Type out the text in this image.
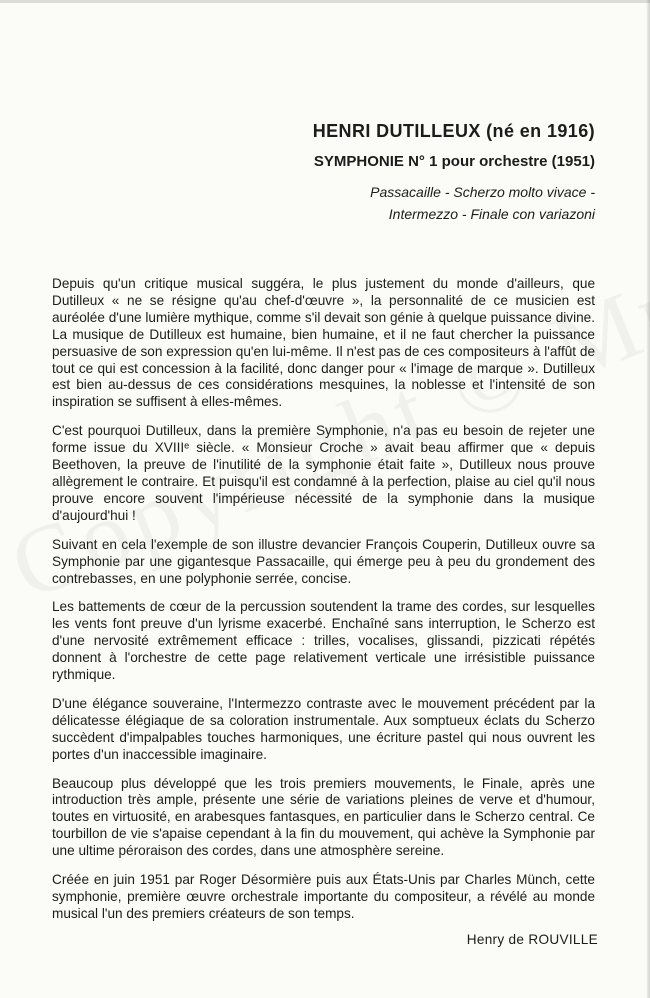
HENRI DUTILLEUX (né en 1916)

SYMPHONIE N° 1 pour orchestre (1951)

Passacaille - Scherzo molto vivace -

Intermezzo - Finale con variazoni

Depuis qu'un critique musical suggéra, le plus justement du monde d'ailleurs, que Dutilleux « ne se résigne qu'au chef-d'œuvre », la personnalité de ce musicien est auréolée d'une lumière mythique, comme s'il devait son génie à quelque puissance divine. La musique de Dutilleux est humaine, bien humaine, et il ne faut chercher la puissance persuasive de son expression qu'en lui-même. Il n'est pas de ces compositeurs à l'affût de tout ce qui est concession à la facilité, donc danger pour « l'image de marque ». Dutilleux est bien au-dessus de ces considérations mesquines, la noblesse et l'intensité de son inspiration se suffisent à elles-mêmes.

C'est pourquoi Dutilleux, dans la première Symphonie, n'a pas eu besoin de rejeter une forme issue du XVIIIᵉ siècle. « Monsieur Croche » avait beau affirmer que « depuis Beethoven, la preuve de l'inutilité de la symphonie était faite », Dutilleux nous prouve allègrement le contraire. Et puisqu'il est condamné à la perfection, plaise au ciel qu'il nous prouve encore souvent l'impérieuse nécessité de la symphonie dans la musique d'aujourd'hui !

Suivant en cela l'exemple de son illustre devancier François Couperin, Dutilleux ouvre sa Symphonie par une gigantesque Passacaille, qui émerge peu à peu du grondement des contrebasses, en une polyphonie serrée, concise.

Les battements de cœur de la percussion soutendent la trame des cordes, sur lesquelles les vents font preuve d'un lyrisme exacerbé. Enchaîné sans interruption, le Scherzo est d'une nervosité extrêmement efficace : trilles, vocalises, glissandi, pizzicati répétés donnent à l'orchestre de cette page relativement verticale une irrésistible puissance rythmique.

D'une élégance souveraine, l'Intermezzo contraste avec le mouvement précédent par la délicatesse élégiaque de sa coloration instrumentale. Aux somptueux éclats du Scherzo succèdent d'impalpables touches harmoniques, une écriture pastel qui nous ouvrent les portes d'un inaccessible imaginaire.

Beaucoup plus développé que les trois premiers mouvements, le Finale, après une introduction très ample, présente une série de variations pleines de verve et d'humour, toutes en virtuosité, en arabesques fantasques, en particulier dans le Scherzo central. Ce tourbillon de vie s'apaise cependant à la fin du mouvement, qui achève la Symphonie par une ultime péroraison des cordes, dans une atmosphère sereine.

Créée en juin 1951 par Roger Désormière puis aux États-Unis par Charles Münch, cette symphonie, première œuvre orchestrale importante du compositeur, a révélé au monde musical l'un des premiers créateurs de son temps.

Henry de ROUVILLE
